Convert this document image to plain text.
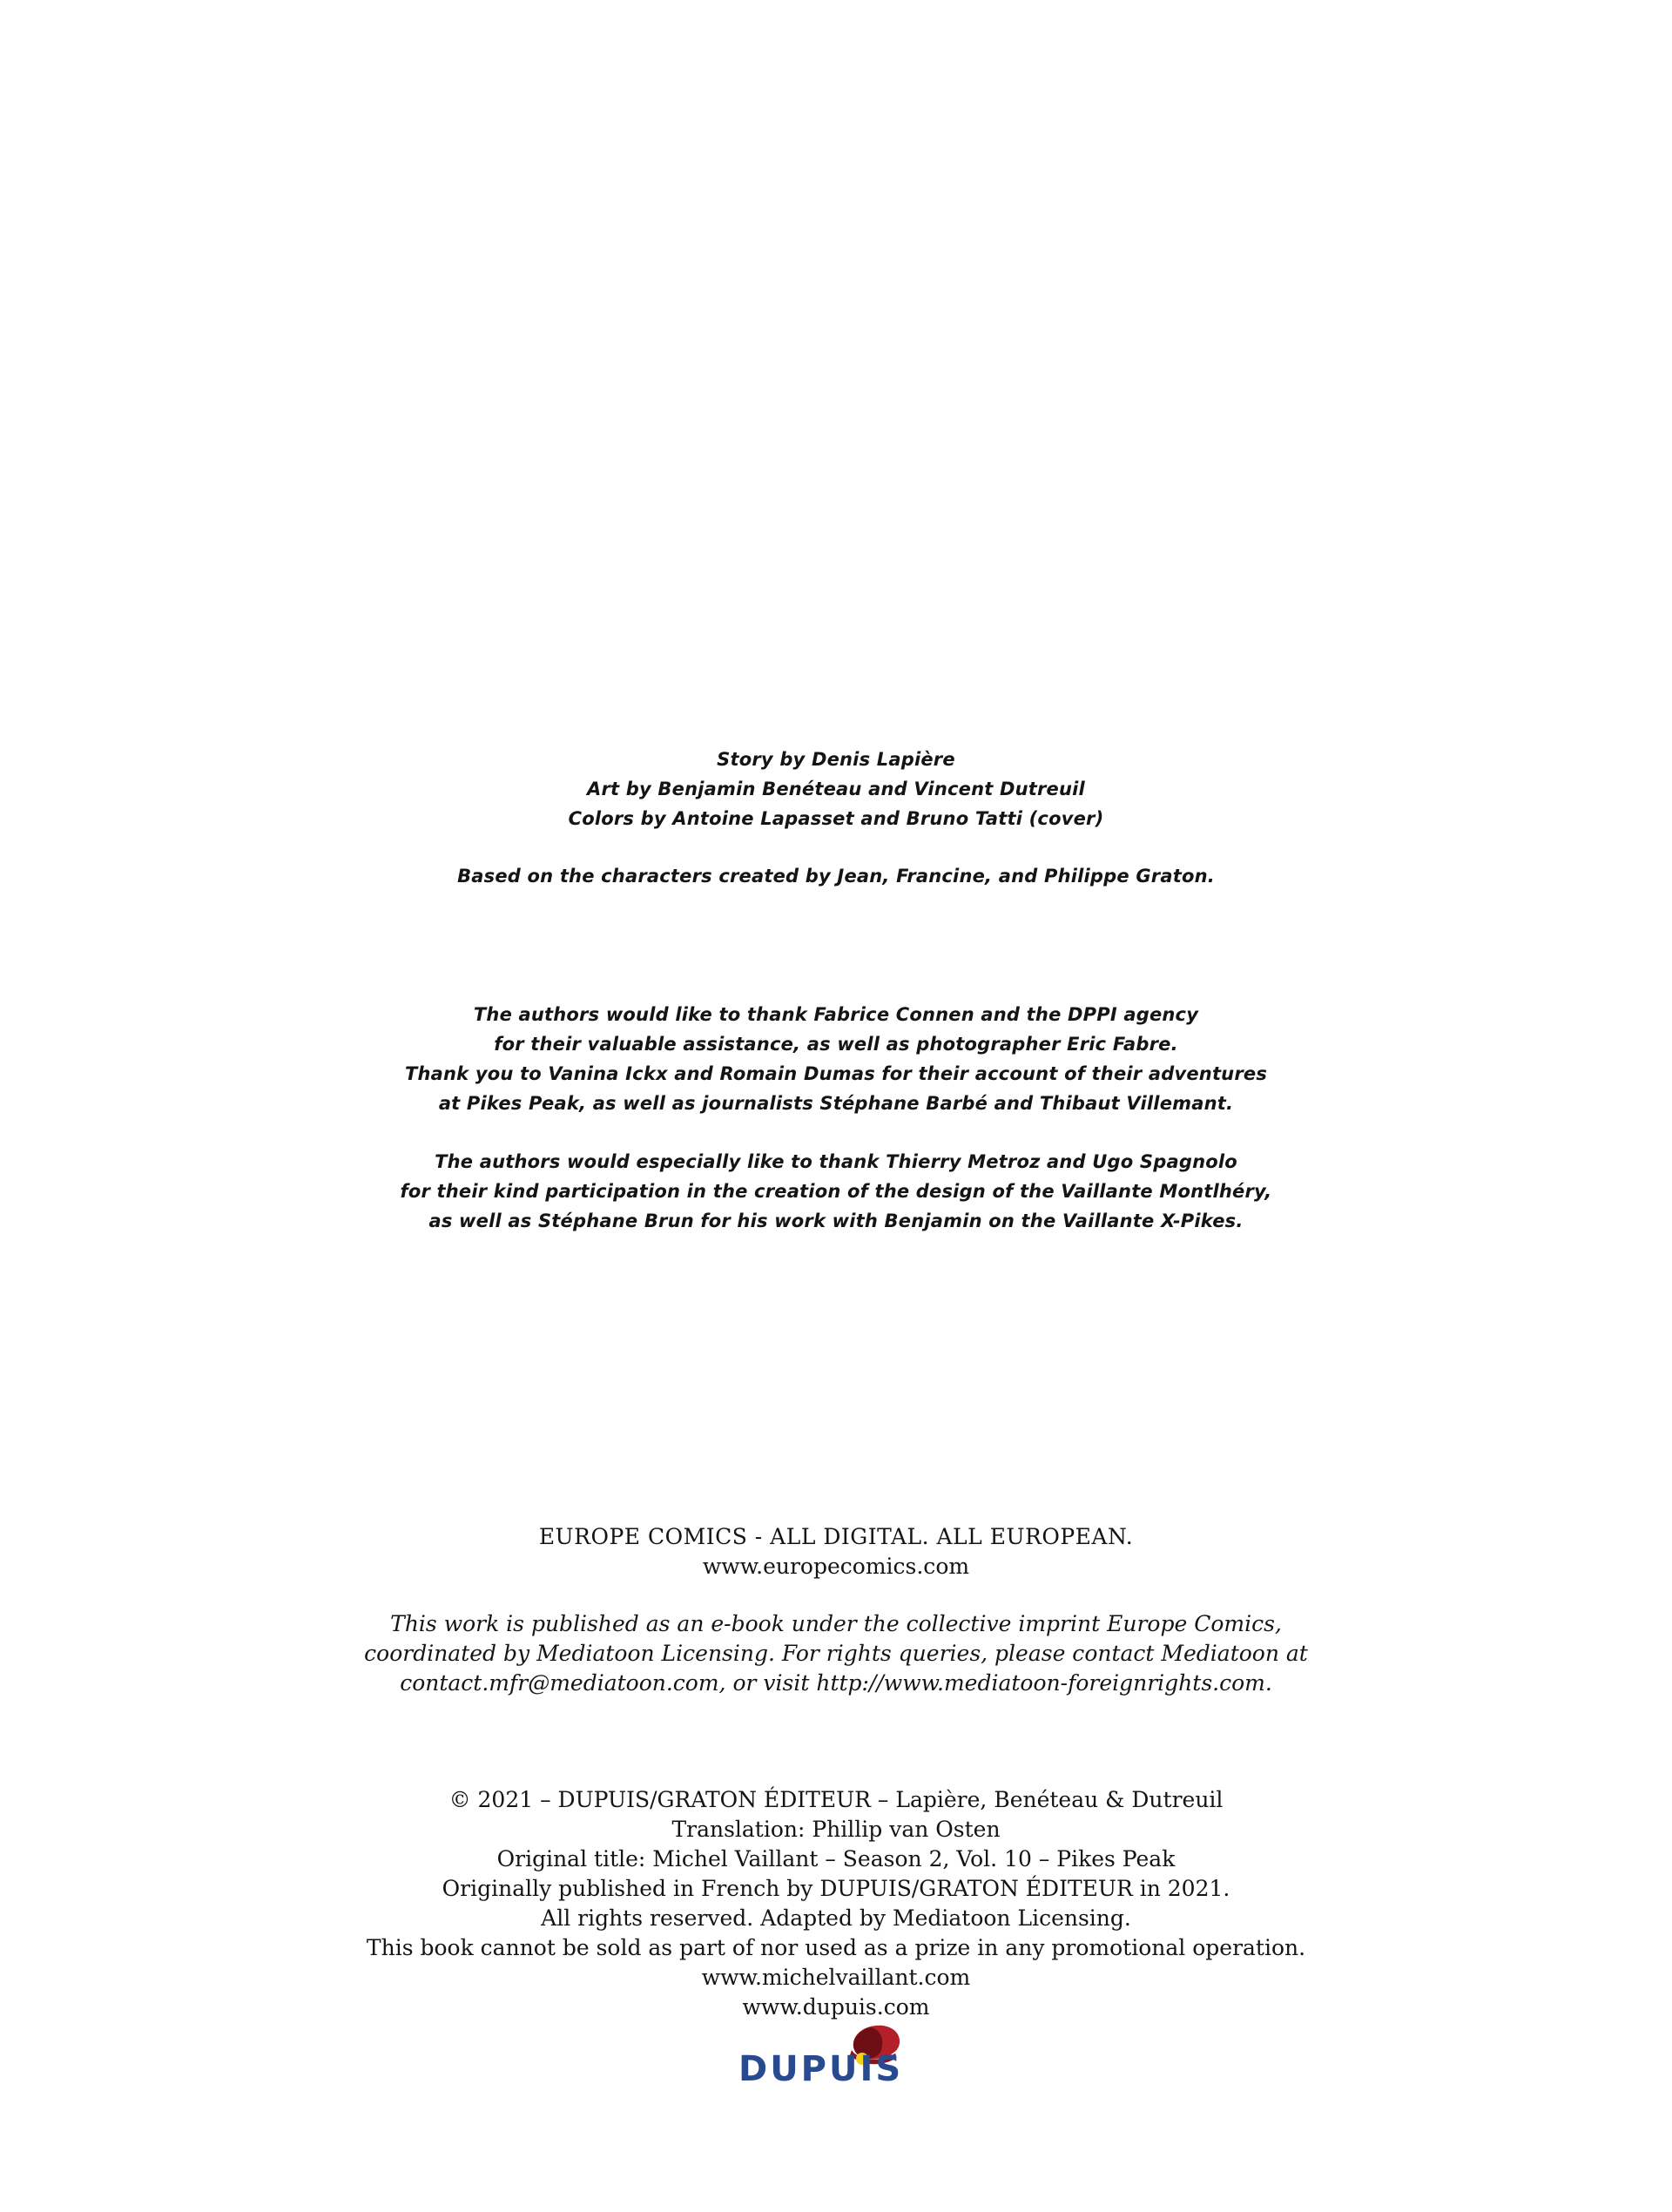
Story by Denis Lapière
Art by Benjamin Benéteau and Vincent Dutreuil
Colors by Antoine Lapasset and Bruno Tatti (cover)
Based on the characters created by Jean, Francine, and Philippe Graton.
The authors would like to thank Fabrice Connen and the DPPI agency
for their valuable assistance, as well as photographer Eric Fabre.
Thank you to Vanina Ickx and Romain Dumas for their account of their adventures
at Pikes Peak, as well as journalists Stéphane Barbé and Thibaut Villemant.
The authors would especially like to thank Thierry Metroz and Ugo Spagnolo
for their kind participation in the creation of the design of the Vaillante Montlhéry,
as well as Stéphane Brun for his work with Benjamin on the Vaillante X-Pikes.
EUROPE COMICS - ALL DIGITAL. ALL EUROPEAN.
www.europecomics.com
This work is published as an e-book under the collective imprint Europe Comics,
coordinated by Mediatoon Licensing. For rights queries, please contact Mediatoon at
contact.mfr@mediatoon.com, or visit http://www.mediatoon-foreignrights.com.
© 2021 – DUPUIS/GRATON ÉDITEUR – Lapière, Benéteau & Dutreuil
Translation: Phillip van Osten
Original title: Michel Vaillant – Season 2, Vol. 10 – Pikes Peak
Originally published in French by DUPUIS/GRATON ÉDITEUR in 2021.
All rights reserved. Adapted by Mediatoon Licensing.
This book cannot be sold as part of nor used as a prize in any promotional operation.
www.michelvaillant.com
www.dupuis.com
DUPUIS
